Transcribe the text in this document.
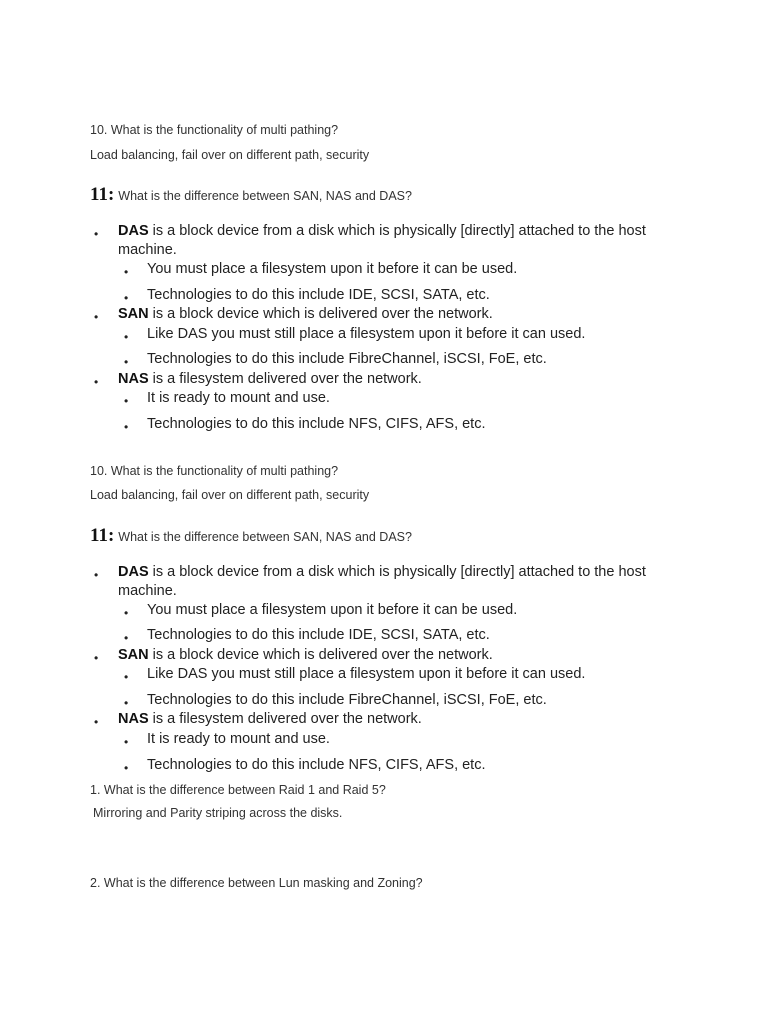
10. What is the functionality of multi pathing?
Load balancing, fail over on different path, security
11: What is the difference between SAN, NAS and DAS?
• DAS is a block device from a disk which is physically [directly] attached to the host
machine.
• You must place a filesystem upon it before it can be used.
• Technologies to do this include IDE, SCSI, SATA, etc.
• SAN is a block device which is delivered over the network.
• Like DAS you must still place a filesystem upon it before it can used.
• Technologies to do this include FibreChannel, iSCSI, FoE, etc.
• NAS is a filesystem delivered over the network.
• It is ready to mount and use.
• Technologies to do this include NFS, CIFS, AFS, etc.
10. What is the functionality of multi pathing?
Load balancing, fail over on different path, security
11: What is the difference between SAN, NAS and DAS?
• DAS is a block device from a disk which is physically [directly] attached to the host
machine.
• You must place a filesystem upon it before it can be used.
• Technologies to do this include IDE, SCSI, SATA, etc.
• SAN is a block device which is delivered over the network.
• Like DAS you must still place a filesystem upon it before it can used.
• Technologies to do this include FibreChannel, iSCSI, FoE, etc.
• NAS is a filesystem delivered over the network.
• It is ready to mount and use.
• Technologies to do this include NFS, CIFS, AFS, etc.
1. What is the difference between Raid 1 and Raid 5?
Mirroring and Parity striping across the disks.
2. What is the difference between Lun masking and Zoning?
